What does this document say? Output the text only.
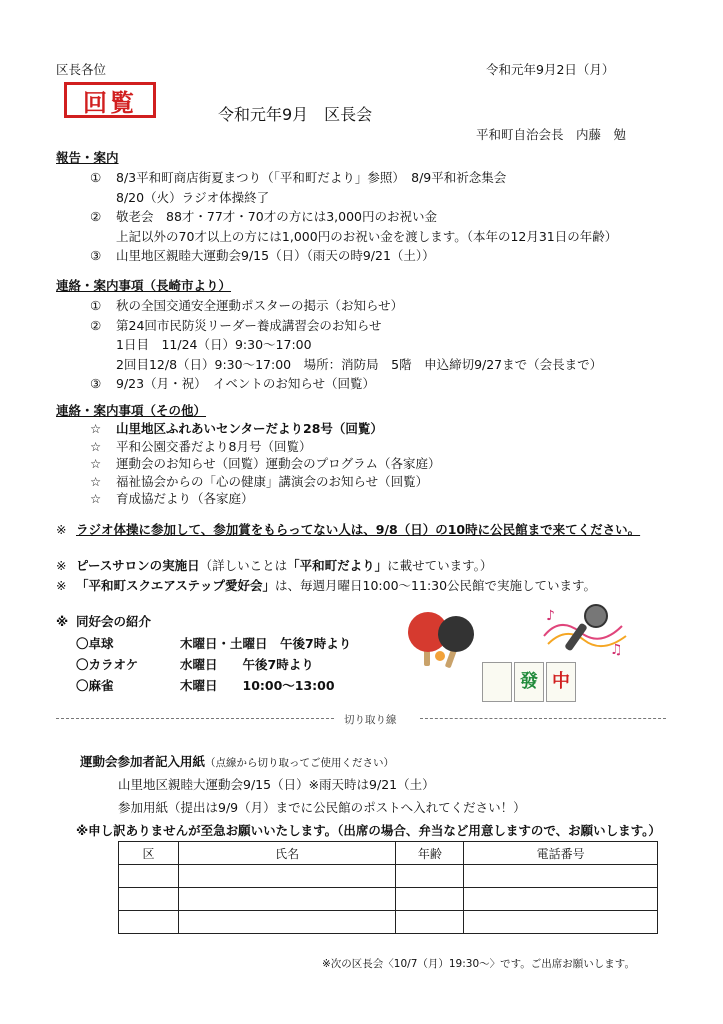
区長各位	令和元年9月2日（月）
回覧	令和元年9月　区長会
平和町自治会長　内藤　勉
報告・案内
① 8/3平和町商店街夏まつり（「平和町だより」参照）　8/9平和祈念集会
8/20（火）ラジオ体操終了
② 敬老会　88才・77才・70才の方には3,000円のお祝い金
上記以外の70才以上の方には1,000円のお祝い金を渡します。（本年の12月31日の年齢）
③ 山里地区親睦大運動会9/15（日）（雨天の時9/21（土））
連絡・案内事項（長崎市より）
① 秋の全国交通安全運動ポスターの掲示（お知らせ）
② 第24回市民防災リーダー養成講習会のお知らせ
1日目　11/24（日）9:30～17:00
2回目12/8（日）9:30～17:00　場所：消防局　5階　申込締切9/27まで（会長まで）
③ 9/23（月・祝）　イベントのお知らせ（回覧）
連絡・案内事項（その他）
☆ 山里地区ふれあいセンターだより28号（回覧）
☆ 平和公園交番だより8月号（回覧）
☆ 運動会のお知らせ（回覧）運動会のプログラム（各家庭）
☆ 福祉協会からの「心の健康」講演会のお知らせ（回覧）
☆ 育成協だより（各家庭）
※ ラジオ体操に参加して、参加賞をもらってない人は、9/8（日）の10時に公民館まで来てください。
※ ピースサロンの実施日（詳しいことは「平和町だより」に載せています。）
※ 「平和町スクエアステップ愛好会」は、毎週月曜日10:00～11:30公民館で実施しています。
※ 同好会の紹介
〇卓球	木曜日・土曜日　午後7時より
〇カラオケ	水曜日　　午後7時より
〇麻雀	木曜日　　10:00～13:00
♪
♫
發 中
切り取り線
運動会参加者記入用紙（点線から切り取ってご使用ください）
山里地区親睦大運動会9/15（日）※雨天時は9/21（土）
参加用紙（提出は9/9（月）までに公民館のポストへ入れてください！）
※申し訳ありませんが至急お願いいたします。（出席の場合、弁当など用意しますので、お願いします。）
区	氏名	年齢	電話番号

※次の区長会〈10/7（月）19:30～〉です。ご出席お願いします。
